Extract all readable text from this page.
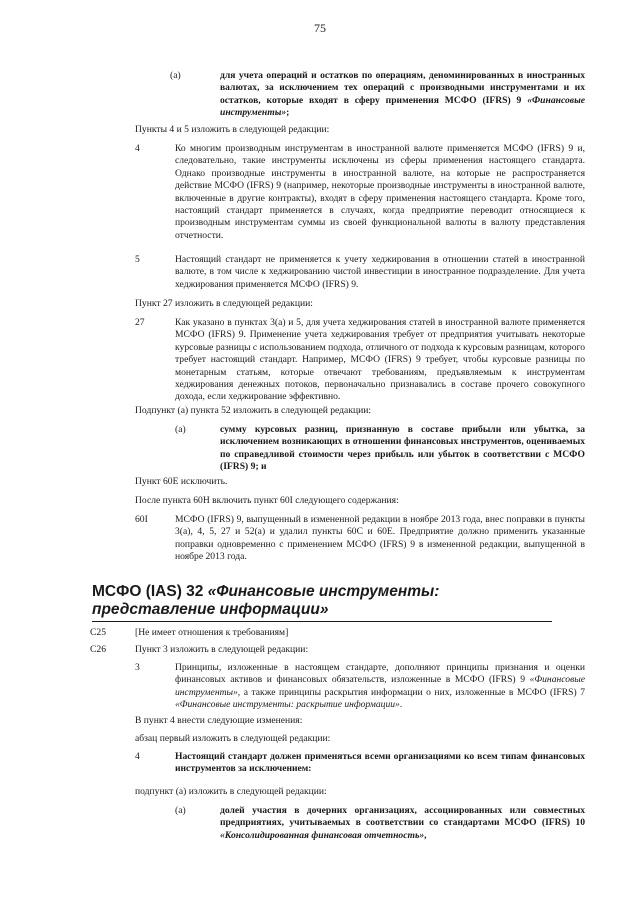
75
(a)	для учета операций и остатков по операциям, деноминированных в иностранных валютах, за исключением тех операций с производными инструментами и их остатков, которые входят в сферу применения МСФО (IFRS) 9 «Финансовые инструменты»;
Пункты 4 и 5 изложить в следующей редакции:
4	Ко многим производным инструментам в иностранной валюте применяется МСФО (IFRS) 9 и, следовательно, такие инструменты исключены из сферы применения настоящего стандарта. Однако производные инструменты в иностранной валюте, на которые не распространяется действие МСФО (IFRS) 9 (например, некоторые производные инструменты в иностранной валюте, включенные в другие контракты), входят в сферу применения настоящего стандарта. Кроме того, настоящий стандарт применяется в случаях, когда предприятие переводит относящиеся к производным инструментам суммы из своей функциональной валюты в валюту представления отчетности.
5	Настоящий стандарт не применяется к учету хеджирования в отношении статей в иностранной валюте, в том числе к хеджированию чистой инвестиции в иностранное подразделение. Для учета хеджирования применяется МСФО (IFRS) 9.
Пункт 27 изложить в следующей редакции:
27	Как указано в пунктах 3(a) и 5, для учета хеджирования статей в иностранной валюте применяется МСФО (IFRS) 9. Применение учета хеджирования требует от предприятия учитывать некоторые курсовые разницы с использованием подхода, отличного от подхода к курсовым разницам, которого требует настоящий стандарт. Например, МСФО (IFRS) 9 требует, чтобы курсовые разницы по монетарным статьям, которые отвечают требованиям, предъявляемым к инструментам хеджирования денежных потоков, первоначально признавались в составе прочего совокупного дохода, если хеджирование эффективно.
Подпункт (a) пункта 52 изложить в следующей редакции:
(a)	сумму курсовых разниц, признанную в составе прибыли или убытка, за исключением возникающих в отношении финансовых инструментов, оцениваемых по справедливой стоимости через прибыль или убыток в соответствии с МСФО (IFRS) 9; и
Пункт 60E исключить.
После пункта 60H включить пункт 60I следующего содержания:
60I	МСФО (IFRS) 9, выпущенный в измененной редакции в ноябре 2013 года, внес поправки в пункты 3(a), 4, 5, 27 и 52(a) и удалил пункты 60C и 60E. Предприятие должно применить указанные поправки одновременно с применением МСФО (IFRS) 9 в измененной редакции, выпущенной в ноябре 2013 года.
МСФО (IAS) 32 «Финансовые инструменты: представление информации»
C25	[Не имеет отношения к требованиям]
C26	Пункт 3 изложить в следующей редакции:
3	Принципы, изложенные в настоящем стандарте, дополняют принципы признания и оценки финансовых активов и финансовых обязательств, изложенные в МСФО (IFRS) 9 «Финансовые инструменты», а также принципы раскрытия информации о них, изложенные в МСФО (IFRS) 7 «Финансовые инструменты: раскрытие информации».
В пункт 4 внести следующие изменения:
абзац первый изложить в следующей редакции:
4	Настоящий стандарт должен применяться всеми организациями ко всем типам финансовых инструментов за исключением:
подпункт (a) изложить в следующей редакции:
(a)	долей участия в дочерних организациях, ассоциированных или совместных предприятиях, учитываемых в соответствии со стандартами МСФО (IFRS) 10 «Консолидированная финансовая отчетность»,
